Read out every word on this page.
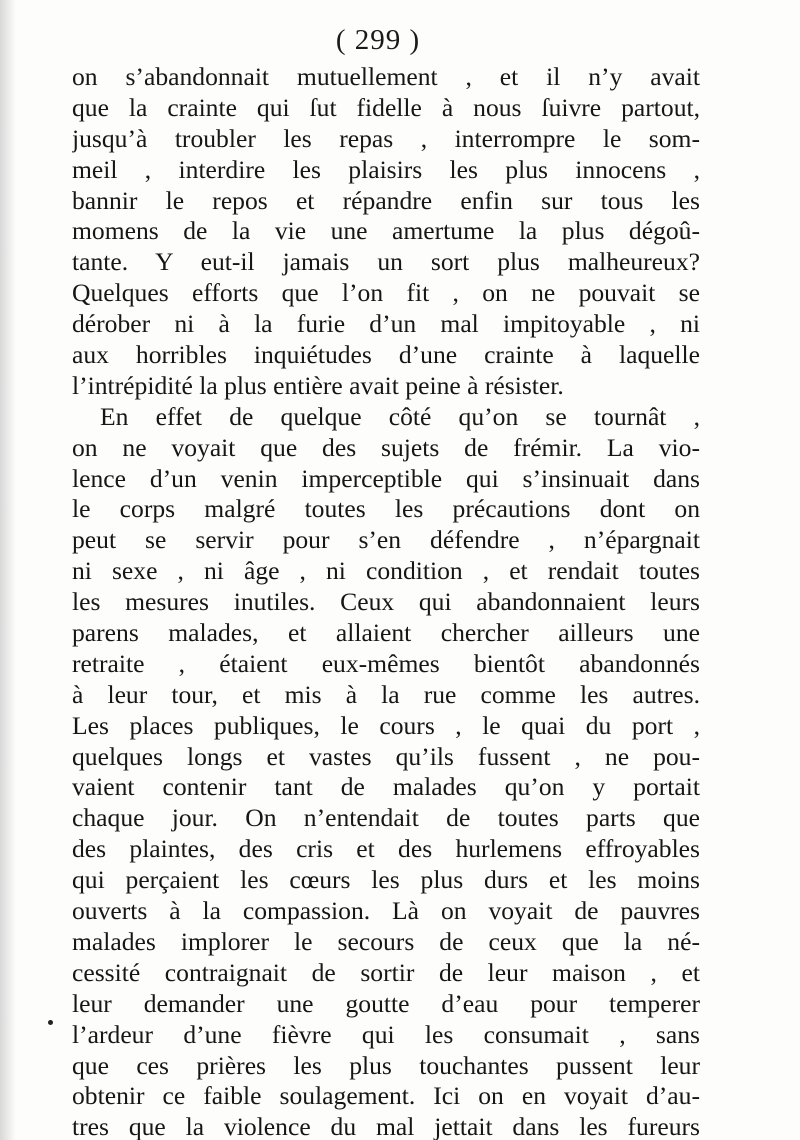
( 299 )
on s’abandonnait mutuellement , et il n’y avait
que la crainte qui ſut fidelle à nous ſuivre partout,
jusqu’à troubler les repas , interrompre le som-
meil , interdire les plaisirs les plus innocens ,
bannir le repos et répandre enfin sur tous les
momens de la vie une amertume la plus dégoû-
tante. Y eut-il jamais un sort plus malheureux?
Quelques efforts que l’on fit , on ne pouvait se
dérober ni à la furie d’un mal impitoyable , ni
aux horribles inquiétudes d’une crainte à laquelle
l’intrépidité la plus entière avait peine à résister.
En effet de quelque côté qu’on se tournât ,
on ne voyait que des sujets de frémir. La vio-
lence d’un venin imperceptible qui s’insinuait dans
le corps malgré toutes les précautions dont on
peut se servir pour s’en défendre , n’épargnait
ni sexe , ni âge , ni condition , et rendait toutes
les mesures inutiles. Ceux qui abandonnaient leurs
parens malades, et allaient chercher ailleurs une
retraite , étaient eux-mêmes bientôt abandonnés
à leur tour, et mis à la rue comme les autres.
Les places publiques, le cours , le quai du port ,
quelques longs et vastes qu’ils fussent , ne pou-
vaient contenir tant de malades qu’on y portait
chaque jour. On n’entendait de toutes parts que
des plaintes, des cris et des hurlemens effroyables
qui perçaient les cœurs les plus durs et les moins
ouverts à la compassion. Là on voyait de pauvres
malades implorer le secours de ceux que la né-
cessité contraignait de sortir de leur maison , et
leur demander une goutte d’eau pour temperer
l’ardeur d’une fièvre qui les consumait , sans
que ces prières les plus touchantes pussent leur
obtenir ce faible soulagement. Ici on en voyait d’au-
tres que la violence du mal jettait dans les fureurs
